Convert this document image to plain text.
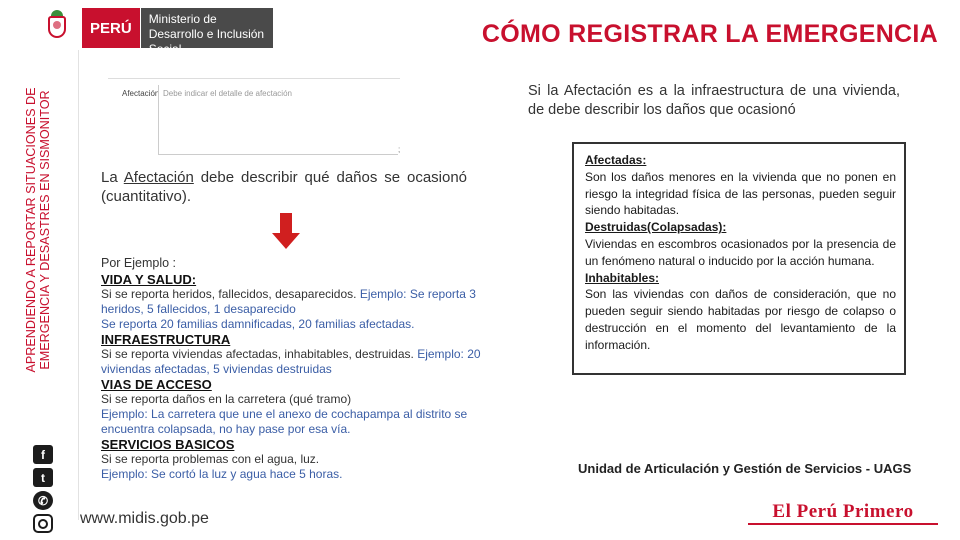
PERÚ
Ministerio de Desarrollo e Inclusión Social
CÓMO REGISTRAR LA EMERGENCIA
APRENDIENDO A REPORTAR SITUACIONES DE EMERGENCIA Y DESASTRES EN SISMONITOR
f
t
✆
Afectación Debe indicar el detalle de afectación
;
La Afectación debe describir qué daños se ocasionó (cuantitativo).
Por Ejemplo :
VIDA Y SALUD:
Si se reporta heridos, fallecidos, desaparecidos. Ejemplo: Se reporta 3 heridos, 5 fallecidos, 1 desaparecido
Se reporta 20 familias damnificadas, 20 familias afectadas.
INFRAESTRUCTURA
Si se reporta viviendas afectadas, inhabitables, destruidas. Ejemplo: 20 viviendas afectadas, 5 viviendas destruidas
VIAS DE ACCESO
Si se reporta daños en la carretera (qué tramo)
Ejemplo: La carretera que une el anexo de cochapampa al distrito se encuentra colapsada, no hay pase por esa vía.
SERVICIOS BASICOS
Si se reporta problemas con el agua, luz.
Ejemplo: Se cortó la luz y agua hace 5 horas.
www.midis.gob.pe
Si la Afectación es a la infraestructura de una vivienda, de debe describir los daños que ocasionó
Afectadas:
Son los daños menores en la vivienda que no ponen en riesgo la integridad física de las personas, pueden seguir siendo habitadas.
Destruidas(Colapsadas):
Viviendas en escombros ocasionados por la presencia de un fenómeno natural o inducido por la acción humana.
Inhabitables:
Son las viviendas con daños de consideración, que no pueden seguir siendo habitadas por riesgo de colapso o destrucción en el momento del levantamiento de la información.
Unidad de Articulación y Gestión de Servicios - UAGS
El Perú Primero
